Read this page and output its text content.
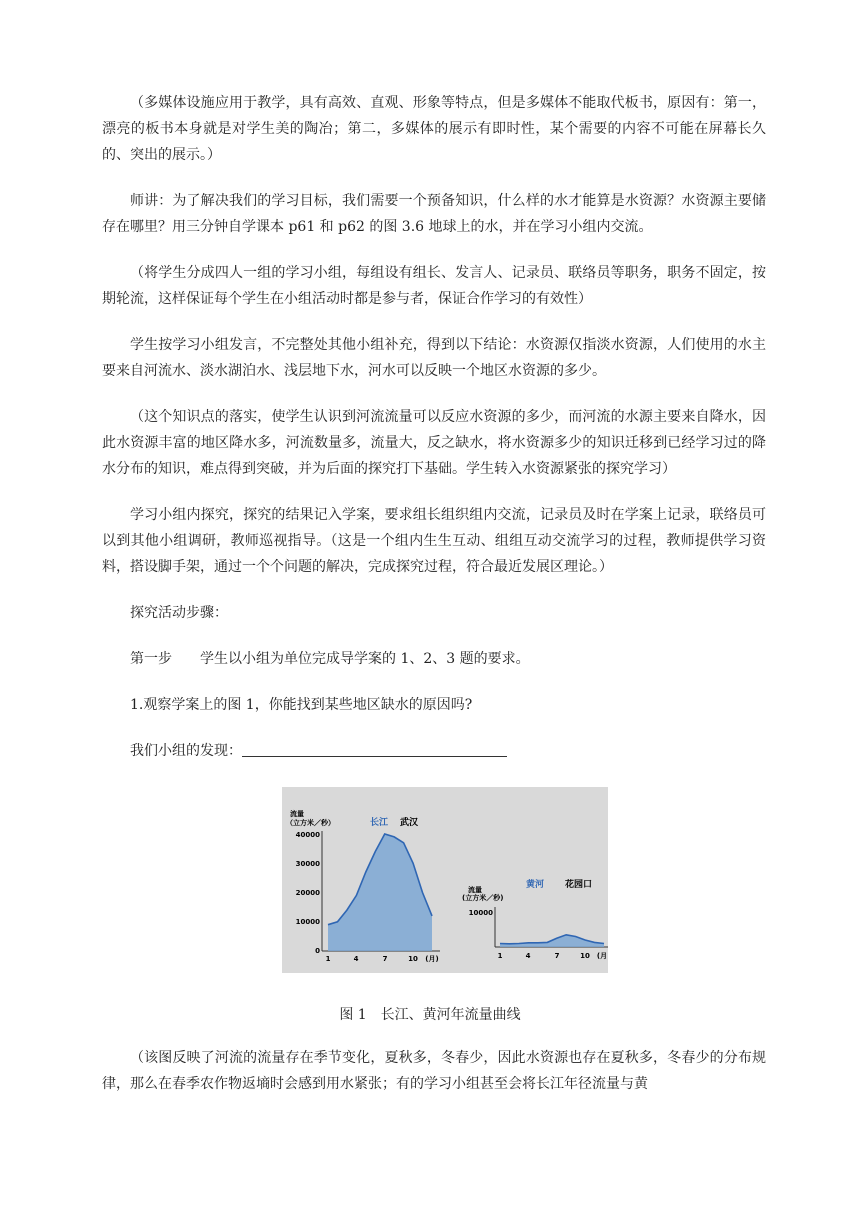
（多媒体设施应用于教学，具有高效、直观、形象等特点，但是多媒体不能取代板书，原因有：第一，漂亮的板书本身就是对学生美的陶冶；第二，多媒体的展示有即时性，某个需要的内容不可能在屏幕长久的、突出的展示。）

师讲：为了解决我们的学习目标，我们需要一个预备知识，什么样的水才能算是水资源？水资源主要储存在哪里？用三分钟自学课本 p61 和 p62 的图 3.6 地球上的水，并在学习小组内交流。

（将学生分成四人一组的学习小组，每组设有组长、发言人、记录员、联络员等职务，职务不固定，按期轮流，这样保证每个学生在小组活动时都是参与者，保证合作学习的有效性）

学生按学习小组发言，不完整处其他小组补充，得到以下结论：水资源仅指淡水资源，人们使用的水主要来自河流水、淡水湖泊水、浅层地下水，河水可以反映一个地区水资源的多少。

（这个知识点的落实，使学生认识到河流流量可以反应水资源的多少，而河流的水源主要来自降水，因此水资源丰富的地区降水多，河流数量多，流量大，反之缺水，将水资源多少的知识迁移到已经学习过的降水分布的知识，难点得到突破，并为后面的探究打下基础。学生转入水资源紧张的探究学习）

学习小组内探究，探究的结果记入学案，要求组长组织组内交流，记录员及时在学案上记录，联络员可以到其他小组调研，教师巡视指导。（这是一个组内生生互动、组组互动交流学习的过程，教师提供学习资料，搭设脚手架，通过一个个问题的解决，完成探究过程，符合最近发展区理论。）

探究活动步骤：

第一步　　学生以小组为单位完成导学案的 1、2、3 题的要求。

1.观察学案上的图 1，你能找到某些地区缺水的原因吗?

我们小组的发现：

流量
（立方米／秒）	长江 武汉
40000
30000
20000
10000
0
1	4	7	10 (月)
流量
(立方米／秒)
黄河 花园口
10000
1	4	7	10 (月
图 1　长江、黄河年流量曲线

（该图反映了河流的流量存在季节变化，夏秋多，冬春少，因此水资源也存在夏秋多，冬春少的分布规律，那么在春季农作物返墒时会感到用水紧张；有的学习小组甚至会将长江年径流量与黄
